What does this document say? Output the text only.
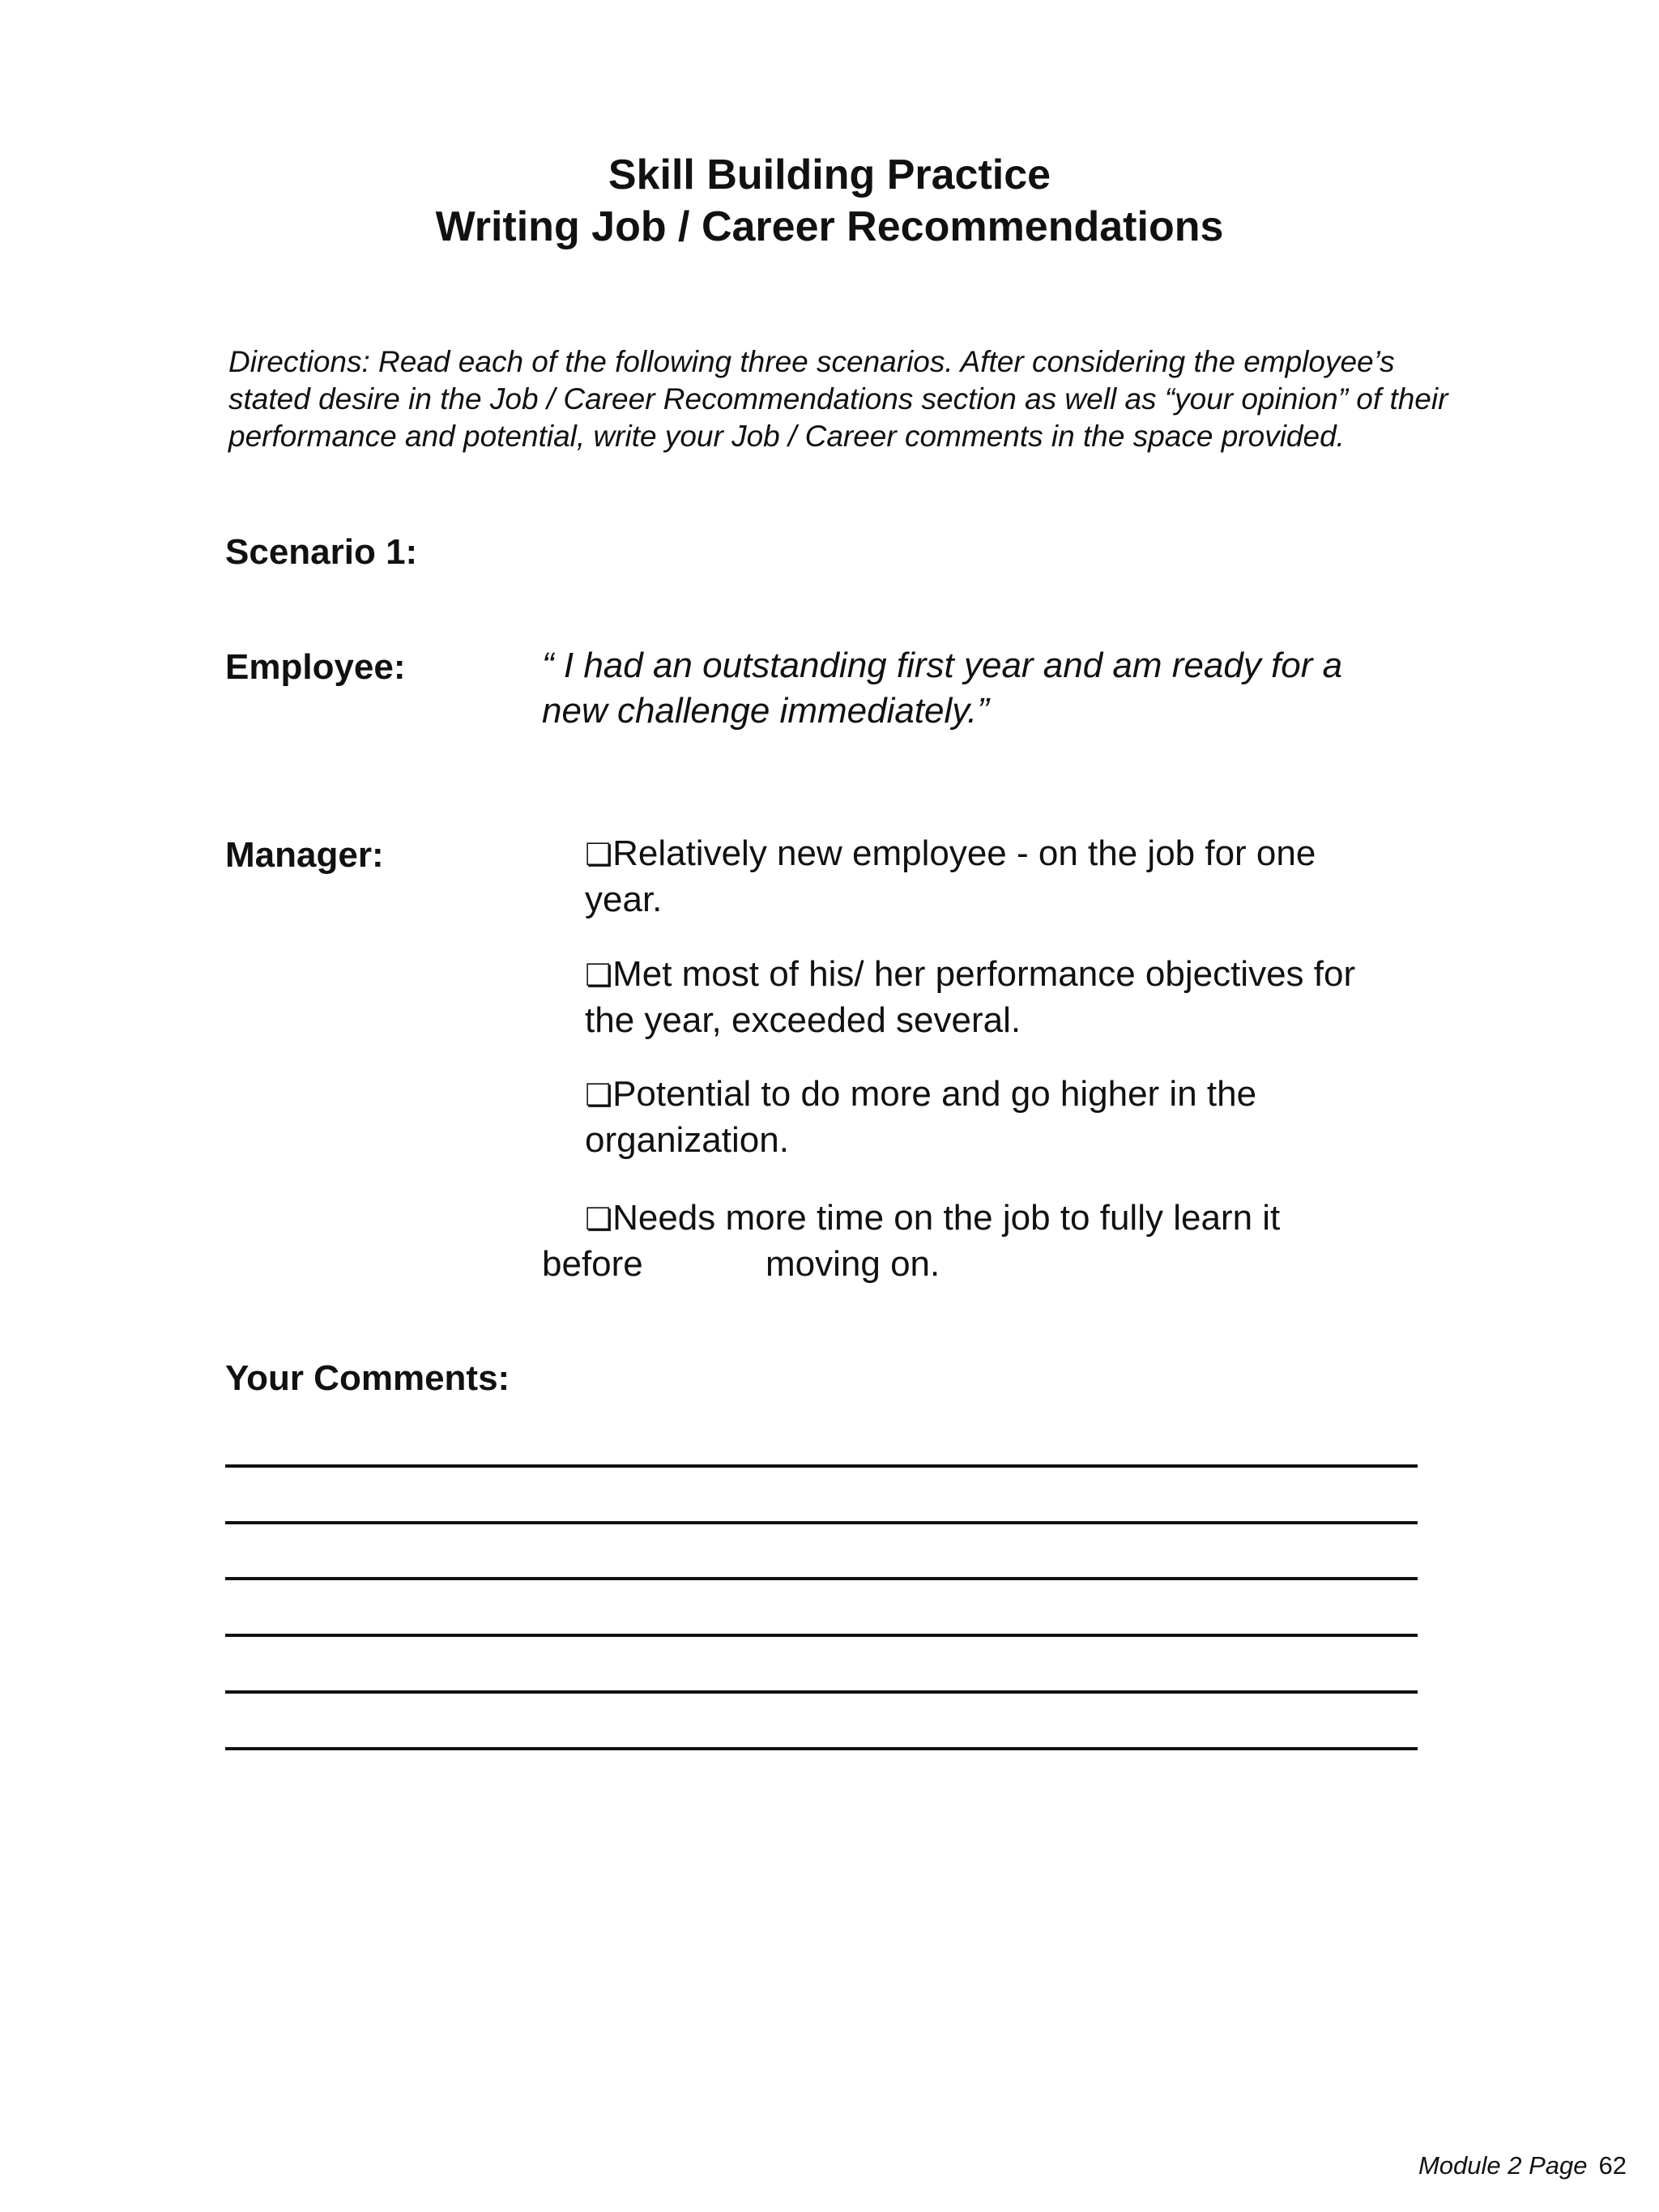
Skill Building Practice
Writing Job / Career Recommendations
Directions: Read each of the following three scenarios. After considering the employee’s
stated desire in the Job / Career Recommendations section as well as “your opinion” of their
performance and potential, write your Job / Career comments in the space provided.
Scenario 1:
Employee:	“ I had an outstanding first year and am ready for a
new challenge immediately.”
Manager:	❏Relatively new employee - on the job for one
year.
❏Met most of his/ her performance objectives for
the year, exceeded several.
❏Potential to do more and go higher in the
organization.
❏Needs more time on the job to fully learn it
before	moving on.
Your Comments:
Module 2 Page 62
